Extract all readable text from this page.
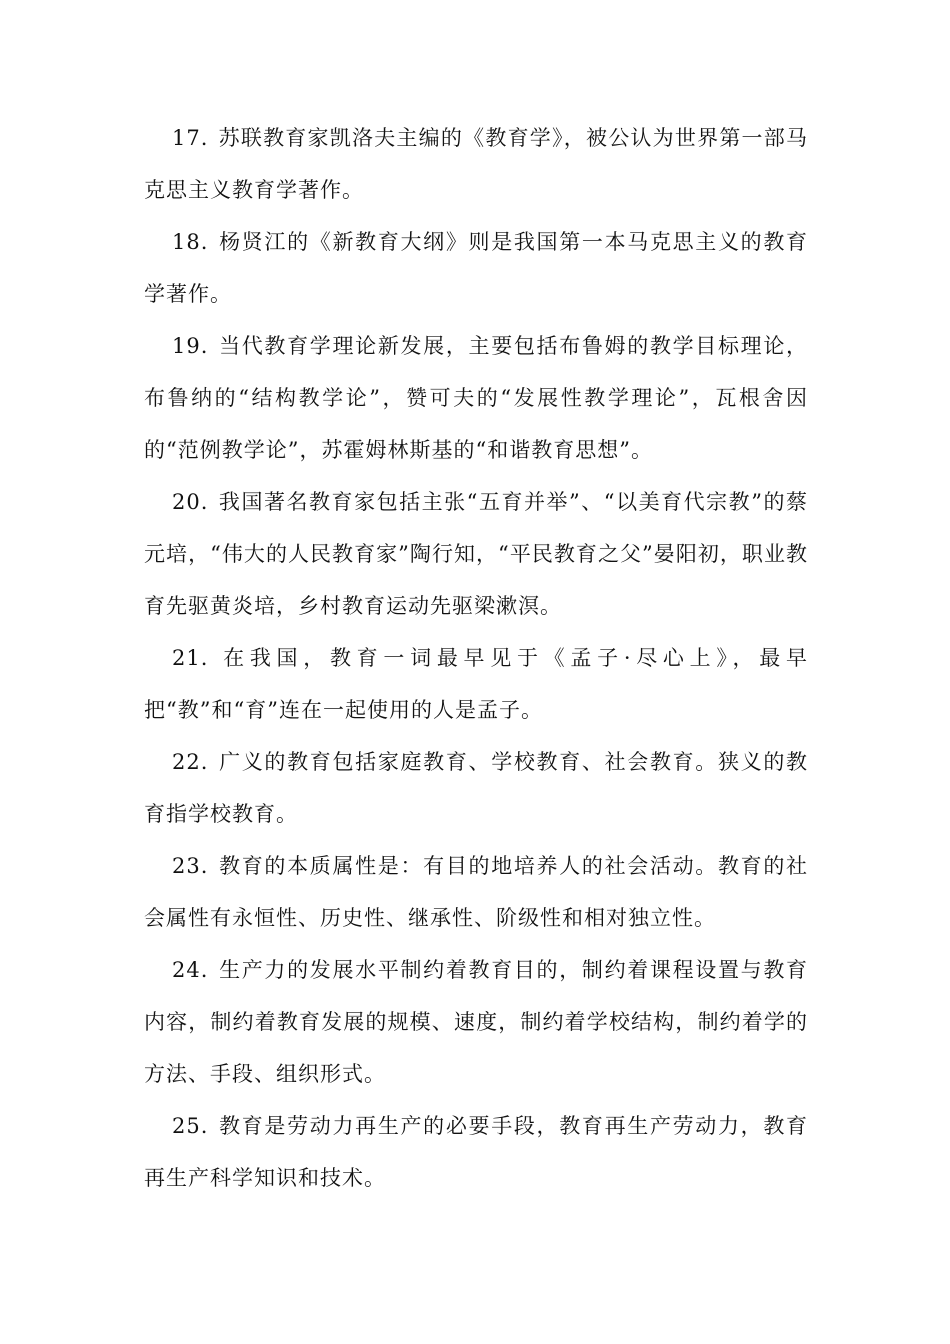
17. 苏联教育家凯洛夫主编的《教育学》，被公认为世界第一部马克思主义教育学著作。

18. 杨贤江的《新教育大纲》则是我国第一本马克思主义的教育学著作。

19. 当代教育学理论新发展，主要包括布鲁姆的教学目标理论，布鲁纳的“结构教学论”，赞可夫的“发展性教学理论”，瓦根舍因的“范例教学论”，苏霍姆林斯基的“和谐教育思想”。

20. 我国著名教育家包括主张“五育并举”、“以美育代宗教”的蔡元培，“伟大的人民教育家”陶行知，“平民教育之父”晏阳初，职业教育先驱黄炎培，乡村教育运动先驱梁漱溟。

21. 在我国，教育一词最早见于《孟子·尽心上》，最早把“教”和“育”连在一起使用的人是孟子。

22. 广义的教育包括家庭教育、学校教育、社会教育。狭义的教育指学校教育。

23. 教育的本质属性是：有目的地培养人的社会活动。教育的社会属性有永恒性、历史性、继承性、阶级性和相对独立性。

24. 生产力的发展水平制约着教育目的，制约着课程设置与教育内容，制约着教育发展的规模、速度，制约着学校结构，制约着学的方法、手段、组织形式。

25. 教育是劳动力再生产的必要手段，教育再生产劳动力，教育再生产科学知识和技术。
